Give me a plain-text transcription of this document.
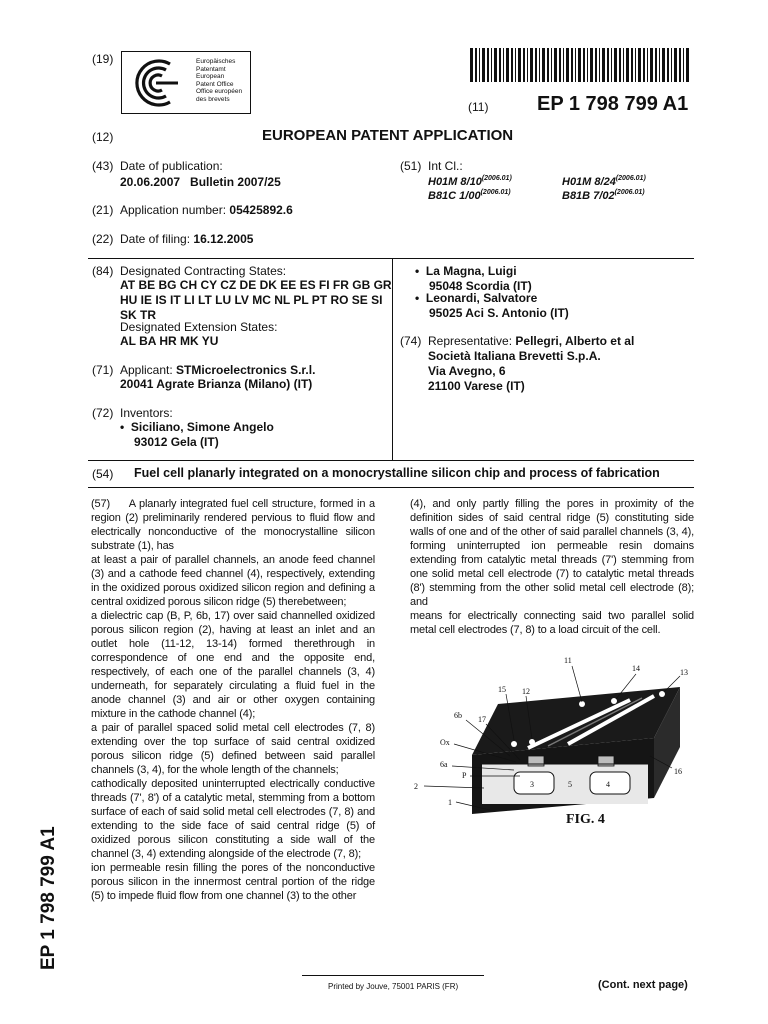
(19)	Europäisches
Patentamt
European
Patent Office
Office européen
des brevets
(11) EP 1 798 799 A1
(12)	EUROPEAN PATENT APPLICATION
(43) Date of publication:
20.06.2007   Bulletin 2007/25
(51) Int Cl.:
H01M $8/10^{(2006.01)}$	H01M $8/24^{(2006.01)}$
B81C $1/00^{(2006.01)}$	B81B $7/02^{(2006.01)}$
(21) Application number: 05425892.6
(22) Date of filing: 16.12.2005
(84) Designated Contracting States:
AT BE BG CH CY CZ DE DK EE ES FI FR GB GR
HU IE IS IT LI LT LU LV MC NL PL PT RO SE SI
SK TR
Designated Extension States:
AL BA HR MK YU
(71) Applicant: STMicroelectronics S.r.l.
20041 Agrate Brianza (Milano) (IT)
(72) Inventors:
•  Siciliano, Simone Angelo
93012 Gela (IT)
•  La Magna, Luigi
95048 Scordia (IT)
•  Leonardi, Salvatore
95025 Aci S. Antonio (IT)
(74) Representative: Pellegri, Alberto et al
Società Italiana Brevetti S.p.A.
Via Avegno, 6
21100 Varese (IT)
(54) Fuel cell planarly integrated on a monocrystalline silicon chip and process of fabrication

(57) A planarly integrated fuel cell structure, formed in a region (2) preliminarily rendered pervious to fluid flow and electrically nonconductive of the monocrystalline silicon substrate (1), has

at least a pair of parallel channels, an anode feed channel (3) and a cathode feed channel (4), respectively, extending in the oxidized porous oxidized silicon region and defining a central oxidized porous silicon ridge (5) therebetween;

a dielectric cap (B, P, 6b, 17) over said channelled oxidized porous silicon region (2), having at least an inlet and an outlet hole (11-12, 13-14) formed therethrough in correspondence of one end and the opposite end, respectively, of each one of the parallel channels (3, 4) underneath, for separately circulating a fluid fuel in the anode channel (3) and air or other oxygen containing mixture in the cathode channel (4);

a pair of parallel spaced solid metal cell electrodes (7, 8) extending over the top surface of said central oxidized porous silicon ridge (5) defined between said parallel channels (3, 4), for the whole length of the channels;

cathodically deposited uninterrupted electrically conductive threads (7', 8') of a catalytic metal, stemming from a bottom surface of each of said solid metal cell electrodes (7, 8) and extending to the side face of said central ridge (5) of oxidized porous silicon constituting a side wall of the channel (3, 4) extending alongside of the electrode (7, 8);

ion permeable resin filling the pores of the nonconductive porous silicon in the innermost central portion of the ridge (5) to impede fluid flow from one channel (3) to the other

(4), and only partly filling the pores in proximity of the definition sides of said central ridge (5) constituting side walls of one and of the other of said parallel channels (3, 4), forming uninterrupted ion permeable resin domains extending from catalytic metal threads (7') stemming from one solid metal cell electrode (7) to catalytic metal threads (8') stemming from the other solid metal cell electrode (8); and

means for electrically connecting said two parallel solid metal cell electrodes (7, 8) to a load circuit of the cell.

11
14	13
15 12
6b 17
Ox
6a
P
2
1
16
3	5	4
FIG. 4
EP 1 798 799 A1
Printed by Jouve, 75001 PARIS (FR)	(Cont. next page)
